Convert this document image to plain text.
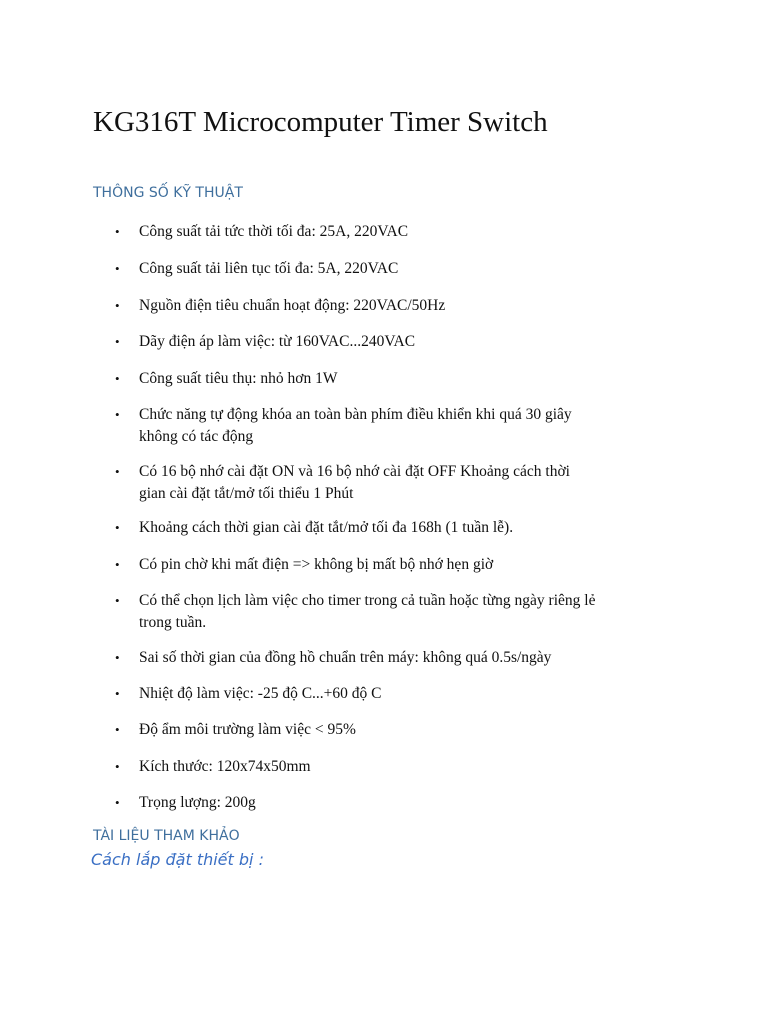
KG316T Microcomputer Timer Switch
THÔNG SỐ KỸ THUẬT
•	Công suất tải tức thời tối đa: 25A, 220VAC
•	Công suất tải liên tục tối đa: 5A, 220VAC
•	Nguồn điện tiêu chuẩn hoạt động: 220VAC/50Hz
•	Dãy điện áp làm việc: từ 160VAC...240VAC
•	Công suất tiêu thụ: nhỏ hơn 1W
•	Chức năng tự động khóa an toàn bàn phím điều khiển khi quá 30 giây
không có tác động
•	Có 16 bộ nhớ cài đặt ON và 16 bộ nhớ cài đặt OFF Khoảng cách thời
gian cài đặt tắt/mở tối thiểu 1 Phút
•	Khoảng cách thời gian cài đặt tắt/mở tối đa 168h (1 tuần lễ).
•	Có pin chờ khi mất điện => không bị mất bộ nhớ hẹn giờ
•	Có thể chọn lịch làm việc cho timer trong cả tuần hoặc từng ngày riêng lẻ
trong tuần.
•	Sai số thời gian của đồng hồ chuẩn trên máy: không quá 0.5s/ngày
•	Nhiệt độ làm việc: -25 độ C...+60 độ C
•	Độ ẩm môi trường làm việc < 95%
•	Kích thước: 120x74x50mm
•	Trọng lượng: 200g
TÀI LIỆU THAM KHẢO
Cách lắp đặt thiết bị :
